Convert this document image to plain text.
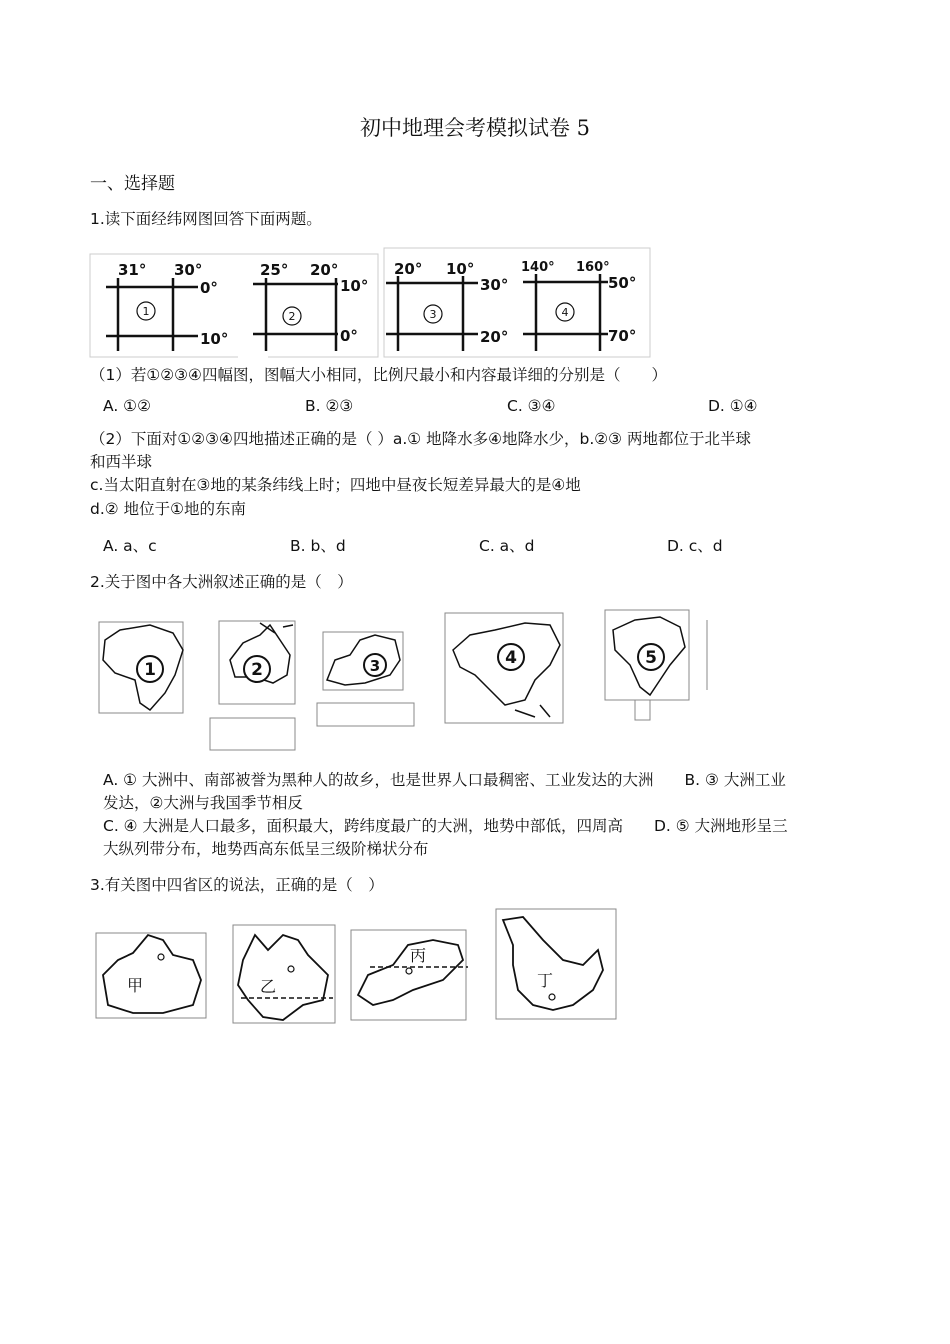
初中地理会考模拟试卷 5
一、选择题
1.读下面经纬网图回答下面两题。
31° 30°
0°
10°
25° 20°
10°
0°
20° 10°
30°
20°
140° 160°
50°
70°
1	2	3	4
（1）若①②③④四幅图，图幅大小相同，比例尺最小和内容最详细的分别是（　　）
A. ①②	B. ②③	C. ③④	D. ①④
（2）下面对①②③④四地描述正确的是（ ）a.① 地降水多④地降水少，b.②③ 两地都位于北半球
和西半球
c.当太阳直射在③地的某条纬线上时；四地中昼夜长短差异最大的是④地
d.② 地位于①地的东南
A. a、c	B. b、d	C. a、d	D. c、d
2.关于图中各大洲叙述正确的是（　）
1	2	3	4	5
A. ① 大洲中、南部被誉为黑种人的故乡，也是世界人口最稠密、工业发达的大洲　　B. ③ 大洲工业
发达，②大洲与我国季节相反
C. ④ 大洲是人口最多，面积最大，跨纬度最广的大洲，地势中部低，四周高　　D. ⑤ 大洲地形呈三
大纵列带分布，地势西高东低呈三级阶梯状分布
3.有关图中四省区的说法，正确的是（　）
甲	乙
丙
丁
